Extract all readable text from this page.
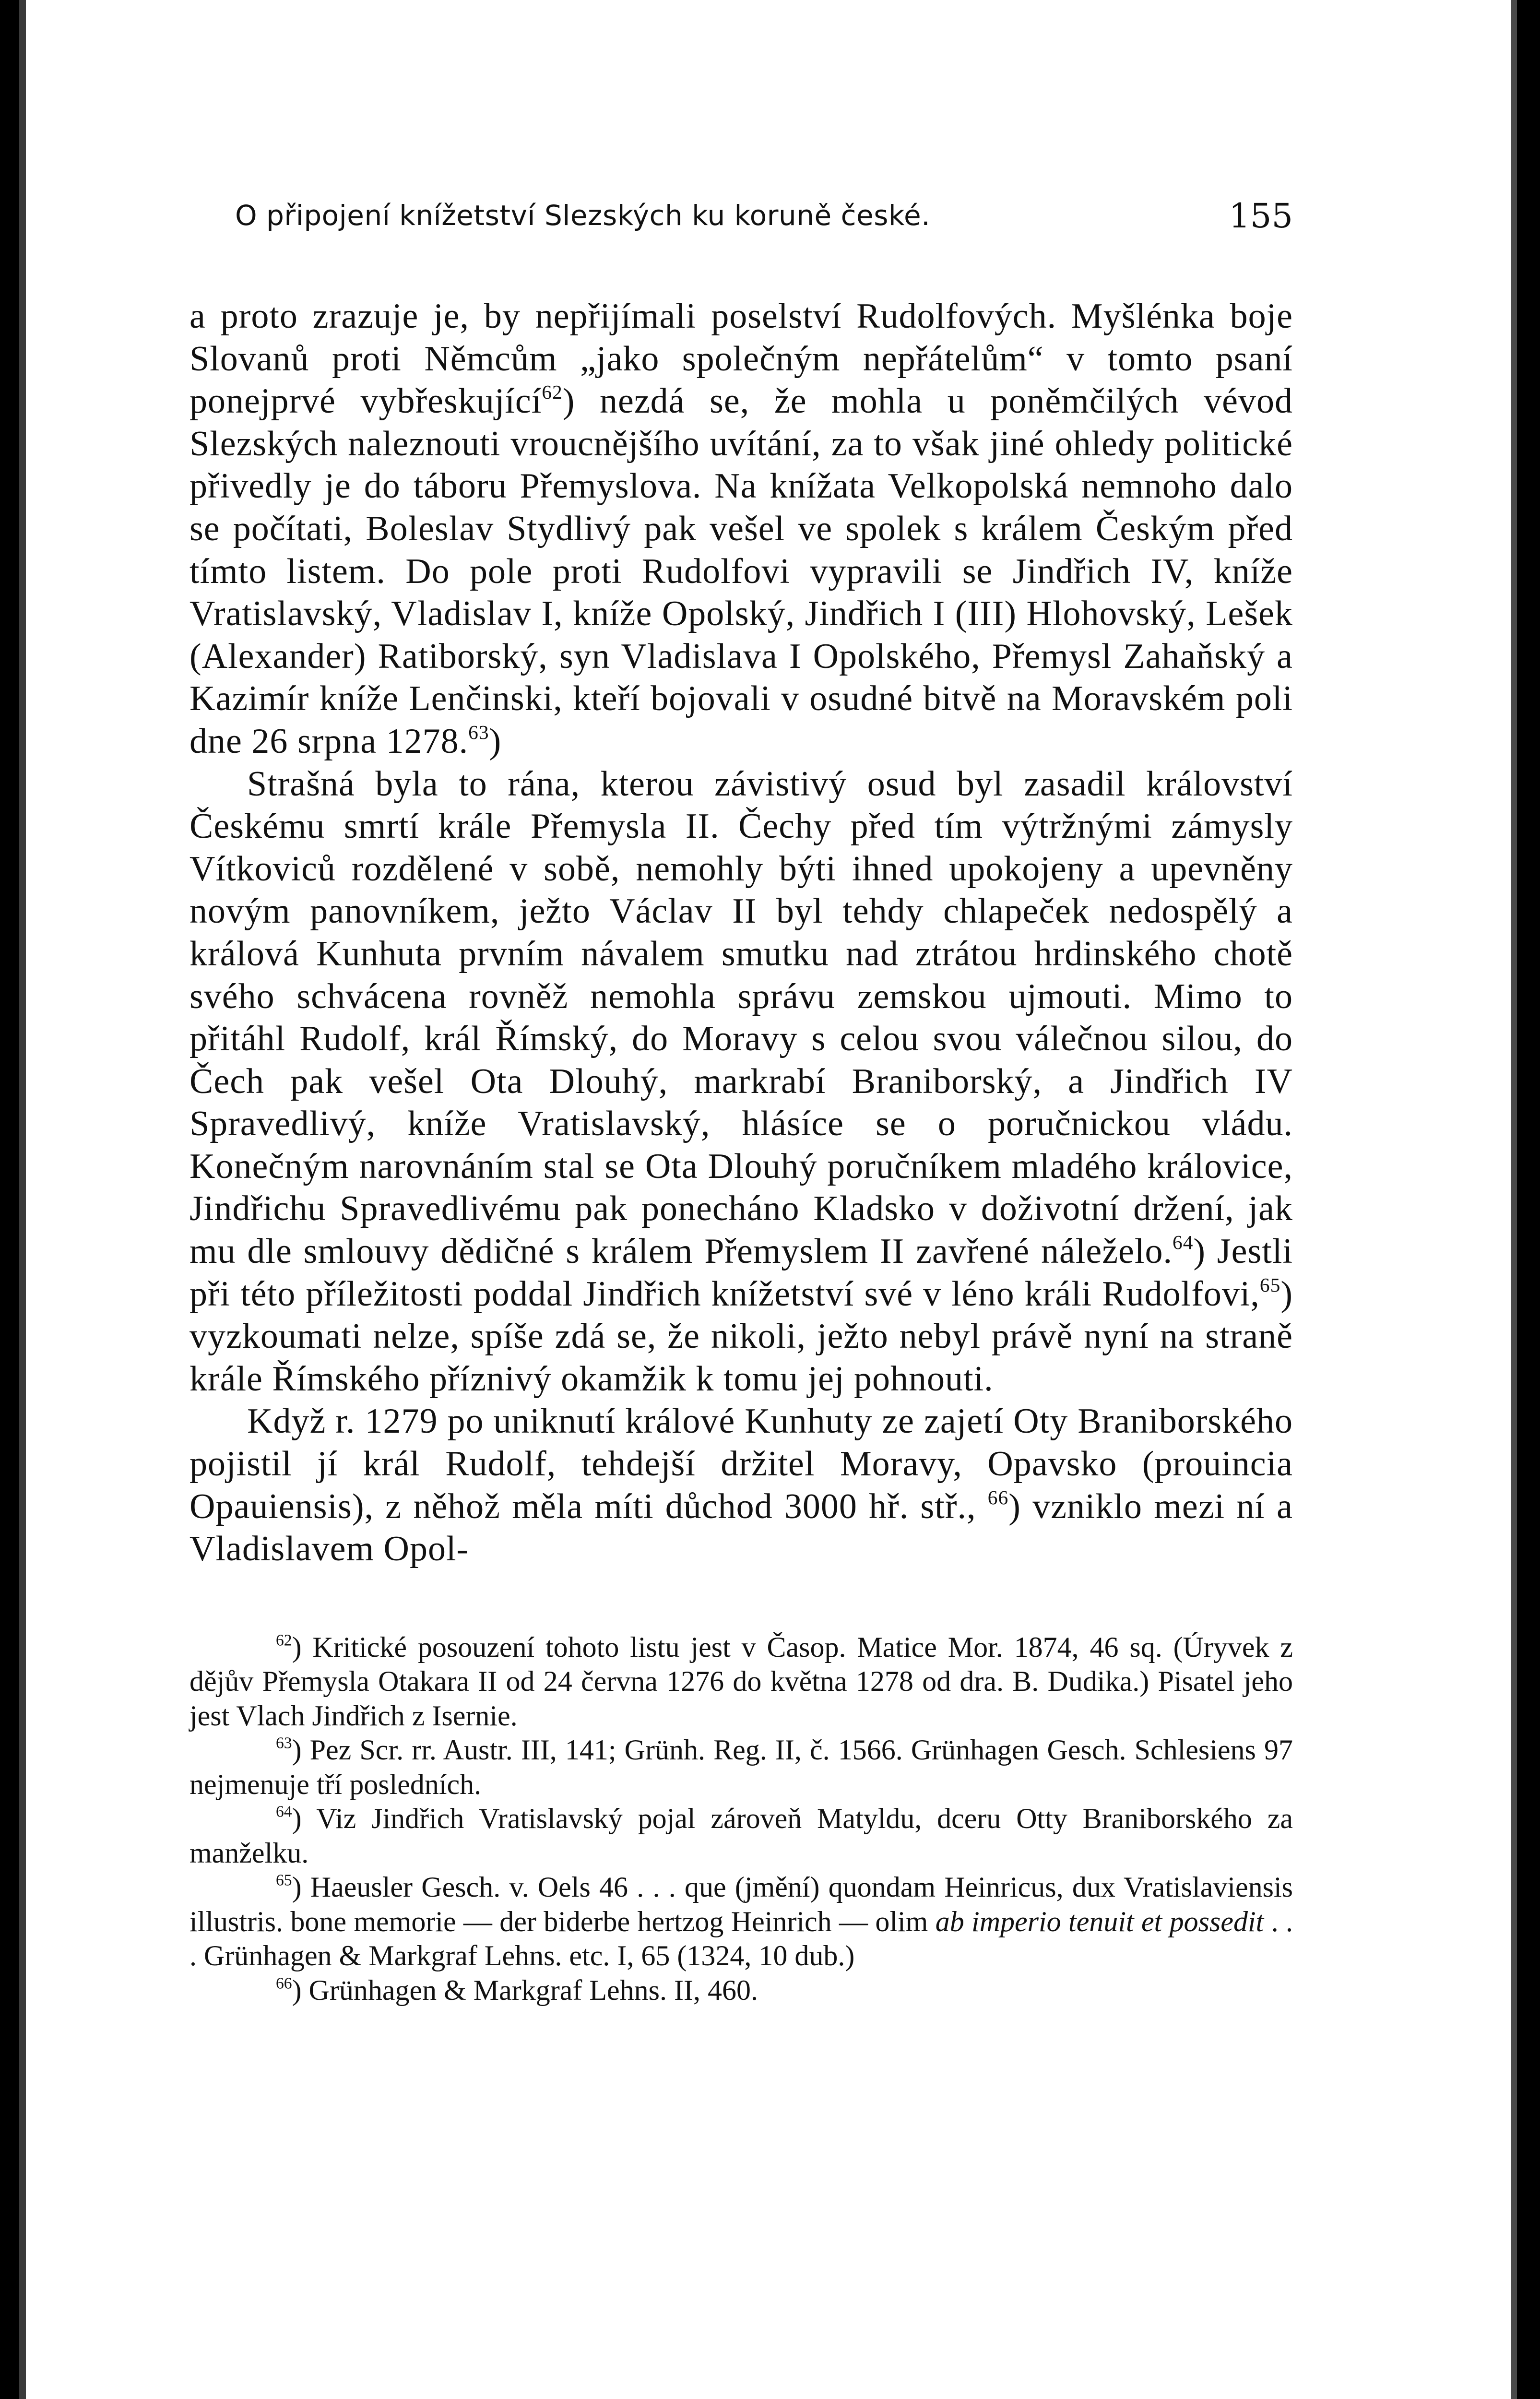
O připojení knížetství Slezských ku koruně české.	155

a proto zrazuje je, by nepřijímali poselství Rudolfových. Myšlénka boje Slovanů proti Němcům „jako společným nepřátelům“ v tomto psaní ponejprvé vybřeskující$^{62}$) nezdá se, že mohla u poněmčilých vévod Slezských naleznouti vroucnějšího uvítání, za to však jiné ohledy politické přivedly je do táboru Přemyslova. Na knížata Velkopolská nemnoho dalo se počítati, Boleslav Stydlivý pak vešel ve spolek s králem Českým před tímto listem. Do pole proti Rudolfovi vypravili se Jindřich IV, kníže Vratislavský, Vladislav I, kníže Opolský, Jindřich I (III) Hlohovský, Lešek (Alexander) Ratiborský, syn Vladislava I Opolského, Přemysl Zahaňský a Kazimír kníže Lenčinski, kteří bojovali v osudné bitvě na Moravském poli dne 26 srpna 1278.63)

Strašná byla to rána, kterou závistivý osud byl zasadil království Českému smrtí krále Přemysla II. Čechy před tím výtržnými zámysly Vítkoviců rozdělené v sobě, nemohly býti ihned upokojeny a upevněny novým panovníkem, ježto Václav II byl tehdy chlapeček nedospělý a králová Kunhuta prvním návalem smutku nad ztrátou hrdinského chotě svého schvácena rovněž nemohla správu zemskou ujmouti. Mimo to přitáhl Rudolf, král Římský, do Moravy s celou svou válečnou silou, do Čech pak vešel Ota Dlouhý, markrabí Braniborský, a Jindřich IV Spravedlivý, kníže Vratislavský, hlásíce se o poručnickou vládu. Konečným narovnáním stal se Ota Dlouhý poručníkem mladého královice, Jindřichu Spravedlivému pak ponecháno Kladsko v doživotní držení, jak mu dle smlouvy dědičné s králem Přemyslem II zavřené náleželo.$^{64}$) Jestli při této příležitosti poddal Jindřich knížetství své v léno králi Rudolfovi,$^{65}$) vyzkoumati nelze, spíše zdá se, že nikoli, ježto nebyl právě nyní na straně krále Římského příznivý okamžik k tomu jej pohnouti.

Když r. 1279 po uniknutí králové Kunhuty ze zajetí Oty Braniborského pojistil jí král Rudolf, tehdejší držitel Moravy, Opavsko (prouincia Opauiensis), z něhož měla míti důchod 3000 hř. stř., $^{66}$) vzniklo mezi ní a Vladislavem Opol-

$^{62}$) Kritické posouzení tohoto listu jest v Časop. Matice Mor. 1874, 46 sq. (Úryvek z dějův Přemysla Otakara II od 24 června 1276 do května 1278 od dra. B. Dudika.) Pisatel jeho jest Vlach Jindřich z Isernie.

$^{63}$) Pez Scr. rr. Austr. III, 141; Grünh. Reg. II, č. 1566. Grünhagen Gesch. Schlesiens 97 nejmenuje tří posledních.

$^{64}$) Viz Jindřich Vratislavský pojal zároveň Matyldu, dceru Otty Braniborského za manželku.

$^{65}$) Haeusler Gesch. v. Oels 46 . . . que (jmění) quondam Heinricus, dux Vratislaviensis illustris. bone memorie — der biderbe hertzog Heinrich — olim ab imperio tenuit et possedit . . . Grünhagen & Markgraf Lehns. etc. I, 65 (1324, 10 dub.)

$^{66}$) Grünhagen & Markgraf Lehns. II, 460.
